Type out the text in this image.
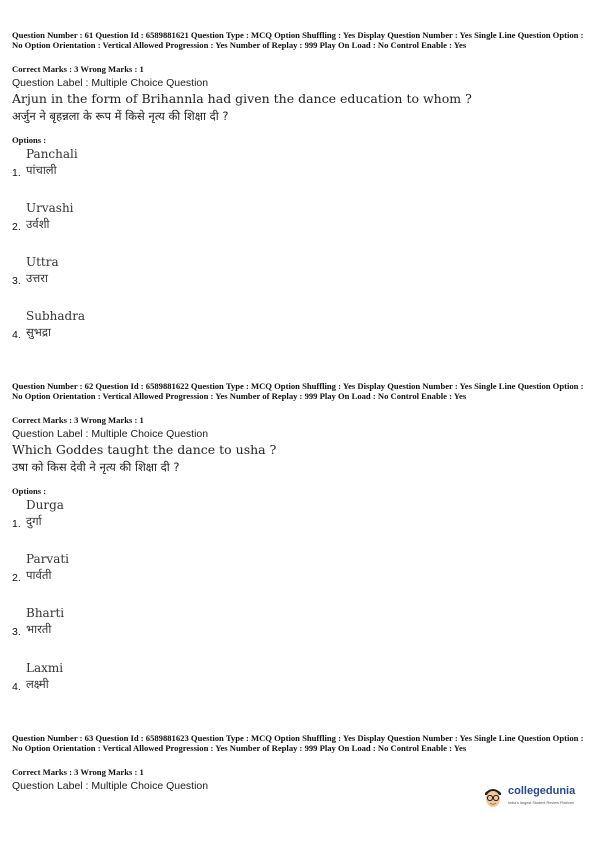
Question Number : 61 Question Id : 6589881621 Question Type : MCQ Option Shuffling : Yes Display Question Number : Yes Single Line Question Option : No Option Orientation : Vertical Allowed Progression : Yes Number of Replay : 999 Play On Load : No Control Enable : Yes
Correct Marks : 3 Wrong Marks : 1
Question Label : Multiple Choice Question
Arjun in the form of Brihannla had given the dance education to whom ?
अर्जुन ने बृहन्नला के रूप में किसे नृत्य की शिक्षा दी ?
Options :
Panchali
पांचाली
1.
Urvashi
उर्वशी
2.
Uttra
उत्तरा
3.
Subhadra
सुभद्रा
4.
Question Number : 62 Question Id : 6589881622 Question Type : MCQ Option Shuffling : Yes Display Question Number : Yes Single Line Question Option : No Option Orientation : Vertical Allowed Progression : Yes Number of Replay : 999 Play On Load : No Control Enable : Yes
Correct Marks : 3 Wrong Marks : 1
Question Label : Multiple Choice Question
Which Goddes taught the dance to usha ?
उषा को किस देवी ने नृत्य की शिक्षा दी ?
Options :
Durga
दुर्गा
1.
Parvati
पार्वती
2.
Bharti
भारती
3.
Laxmi
लक्ष्मी
4.
Question Number : 63 Question Id : 6589881623 Question Type : MCQ Option Shuffling : Yes Display Question Number : Yes Single Line Question Option : No Option Orientation : Vertical Allowed Progression : Yes Number of Replay : 999 Play On Load : No Control Enable : Yes
Correct Marks : 3 Wrong Marks : 1
Question Label : Multiple Choice Question	collegedunia
India's largest Student Review Platform
